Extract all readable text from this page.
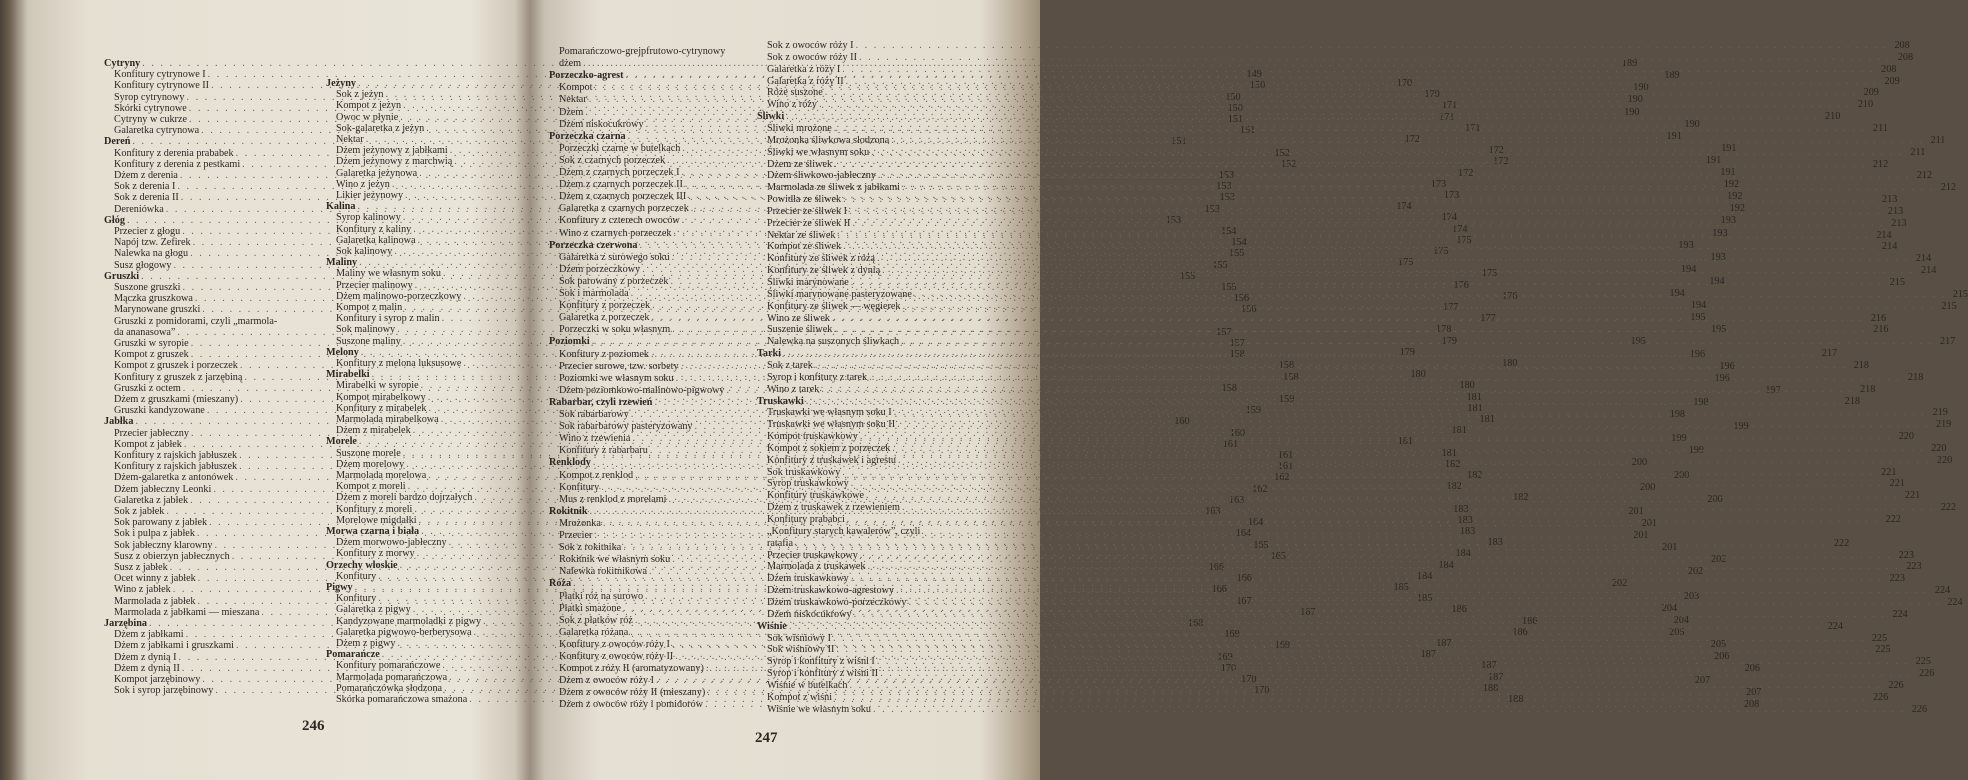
Cytryny
. . .
Konfitury cytrynowe I . . .	149
Konfitury cytrynowe II . . .	150
Syrop cytrynowy . . .	150
Skórki cytrynowe . . .	150
Cytryny w cukrze . . .	151
Galaretka cytrynowa . . .	151
Dereń . . .	151
Konfitury z derenia prababek . . .	152
Konfitury z derenia z pestkami . . .	152
Dżem z derenia . . .	153
Sok z derenia I . . .	153
Sok z derenia II . . .	153
Dereniówka . . .	153
Głóg . . .	153
Przecier z głogu . . .	154
Napój tzw. Zefirek . . .	154
Nalewka na głogu . . .	155
Susz głogowy . . .	155
Gruszki . . .	155
Suszone gruszki . . .	155
Mączka gruszkowa . . .	156
Marynowane gruszki . . .	156
Gruszki z pomidorami, czyli „marmola-
da ananasowa” . . .	157
Gruszki w syropie . . .	157
Kompot z gruszek . . .	158
Kompot z gruszek i porzeczek . . .	158
Konfitury z gruszek z jarzębiną . . .	158
Gruszki z octem . . .	158
Dżem z gruszkami (mieszany) . . .	159
Gruszki kandyzowane . . .	159
Jabłka . . .	160
Przecier jabłeczny . . .	160
Kompot z jabłek . . .	161
Konfitury z rajskich jabłuszek . . .	161
Konfitury z rajskich jabłuszek . . .	161
Dżem-galaretka z antonówek . . .	162
Dżem jabłeczny Leonki . . .	162
Galaretka z jabłek . . .	163
Sok z jabłek . . .	163
Sok parowany z jabłek . . .	164
Sok i pulpa z jabłek . . .	164
Sok jabłeczny klarowny . . .	165
Susz z obierzyn jabłecznych . . .	165
Susz z jabłek . . .	166
Ocet winny z jabłek . . .	166
Wino z jabłek . . .	166
Marmolada z jabłek . . .	167
Marmolada z jabłkami — mieszana . . .	167
Jarzębina . . .	168
Dżem z jabłkami . . .	169
Dżem z jabłkami i gruszkami . . .	169
Dżem z dynią I . . .	169
Dżem z dynią II . . .	170
Kompot jarzębinowy . . .	170
Sok i syrop jarzębinowy . . .	170
Jeżyny . . .	170
Sok z jeżyn . . .	170
Kompot z jeżyn . . .	171
Owoc w płynie . . .	171
Sok-galaretka z jeżyn . . .	171
Nektar . . .	172
Dżem jeżynowy z jabłkami . . .	172
Dżem jeżynowy z marchwią . . .	172
Galaretka jeżynowa . . .	172
Wino z jeżyn . . .	173
Likier jeżynowy . . .	173
Kalina . . .	174
Syrop kalinowy . . .	174
Konfitury z kaliny . . .	174
Galaretka kalinowa . . .	175
Sok kalinowy . . .	175
Maliny . . .	175
Maliny we własnym soku . . .	175
Przecier malinowy . . .	176
Dżem malinowo-porzeczkowy . . .	176
Kompot z malin . . .	177
Konfitury i syrop z malin . . .	177
Sok malinowy . . .	178
Suszone maliny . . .	179
Melony . . .	179
Konfitury z melona luksusowe . . .	180
Mirabelki . . .	180
Mirabelki w syropie . . .	180
Kompot mirabelkowy . . .	181
Konfitury z mirabelek . . .	181
Marmolada mirabelkowa . . .	181
Dżem z mirabelek . . .	181
Morele . . .	181
Suszone morele . . .	181
Dżem morelowy . . .	182
Marmolada morelowa . . .	182
Kompot z moreli . . .	182
Dżem z moreli bardzo dojrzałych . . .	182
Konfitury z moreli . . .	183
Morelowe migdałki . . .	183
Morwa czarna i biała . . .	183
Dżem morwowo-jabłeczny . . .	183
Konfitury z morwy . . .	184
Orzechy włoskie . . .	184
Konfitury . . .	184
Pigwy . . .	185
Konfitury . . .	185
Galaretka z pigwy . . .	186
Kandyzowane marmoladki z pigwy . . .	186
Galaretka pigwowo-berberysowa . . .	186
Dżem z pigwy . . .	187
Pomarańcze . . .	187
Konfitury pomarańczowe . . .	187
Marmolada pomarańczowa . . .	187
Pomarańczówka słodzona . . .	188
Skórka pomarańczowa smażona . . .	188
246
Pomarańczowo-grejpfrutowo-cytrynowy
dżem . . .	189
Porzeczko-agrest . . .	189
Kompot . . .	190
Nektar . . .	190
Dżem . . .	190
Dżem niskocukrowy . . .	190
Porzeczka czarna . . .	191
Porzeczki czarne w butelkach . . .	191
Sok z czarnych porzeczek . . .	191
Dżem z czarnych porzeczek I . . .	191
Dżem z czarnych porzeczek II . . .	192
Dżem z czarnych porzeczek III . . .	192
Galaretka z czarnych porzeczek . . .	192
Konfitury z czterech owoców . . .	193
Wino z czarnych porzeczek . . .	193
Porzeczka czerwona . . .	193
Galaretka z surowego soku . . .	193
Dżem porzeczkowy . . .	194
Sok parowany z porzeczek . . .	194
Sok i marmolada . . .	194
Konfitury z porzeczek . . .	194
Galaretka z porzeczek . . .	195
Porzeczki w soku własnym . . .	195
Poziomki . . .	195
Konfitury z poziomek . . .	196
Przecier surowe, tzw. sorbety . . .	196
Poziomki we własnym soku . . .	196
Dżem poziomkowo-malinowo-pigwowy . . .	197
Rabarbar, czyli rzewień . . .	198
Sok rabarbarowy . . .	198
Sok rabarbarowy pasteryzowany . . .	199
Wino z rzewienia . . .	199
Konfitury z rabarbaru . . .	199
Renklody . . .	200
Kompot z renklod . . .	200
Konfitury . . .	200
Mus z renklod z morelami . . .	200
Rokitnik . . .	201
Mrożonka . . .	201
Przecier . . .	201
Sok z rokitnika . . .	201
Rokitnik we własnym soku . . .	202
Nalewka rokitnikowa . . .	202
Róża . . .	202
Płatki róż na surowo . . .	203
Płatki smażone . . .	204
Sok z płatków róż . . .	204
Galaretka różana . . .	205
Konfitury z owoców róży I . . .	205
Konfitury z owoców róży II . . .	206
Kompot z róży II (aromatyzowany) . . .	206
Dżem z owoców róży I . . .	207
Dżem z owoców róży II (mieszany) . . .	207
Dżem z owoców róży i pomidorów . . .	208
Sok z owoców róży I . . .	208
Sok z owoców róży II . . .	208
Galaretka z róży I . . .	208
Galaretka z róży II . . .	209
Róże suszone . . .	209
Wino z róży . . .	210
Śliwki . . .	210
Śliwki mrożone . . .	211
Mrożonka śliwkowa słodzona . . .	211
Śliwki we własnym soku . . .	211
Dżem ze śliwek . . .	212
Dżem śliwkowo-jabłeczny . . .	212
Marmolada ze śliwek z jabłkami . . .	212
Powidła ze śliwek . . .	213
Przecier ze śliwek I . . .	213
Przecier ze śliwek II . . .	213
Nektar ze śliwek . . .	214
Kompot ze śliwek . . .	214
Konfitury ze śliwek z różą . . .	214
Konfitury ze śliwek z dynią . . .	214
Śliwki marynowane . . .	215
Śliwki marynowane pasteryzowane . . .	215
Konfitury ze śliwek — węgierek . . .	215
Wino ze śliwek . . .	216
Suszenie śliwek . . .	216
Nalewka na suszonych śliwkach . . .	217
Tarki . . .	217
Sok z tarek . . .	218
Syrop i konfitury z tarek . . .	218
Wino z tarek . . .	218
Truskawki . . .	218
Truskawki we własnym soku I . . .	219
Truskawki we własnym soku II . . .	219
Kompot truskawkowy . . .	220
Kompot z sokiem z porzeczek . . .	220
Konfitury z truskawek i agrestu . . .	220
Sok truskawkowy . . .	221
Syrop truskawkowy . . .	221
Konfitury truskawkowe . . .	221
Dżem z truskawek z rzewieniem . . .	222
Konfitury prababci . . .	222
„Konfitury starych kawalerów”, czyli
ratafia . . .	222
Przecier truskawkowy . . .	223
Marmolada z truskawek . . .	223
Dżem truskawkowy . . .	223
Dżem truskawkowo-agrestowy . . .	224
Dżem truskawkowo-porzeczkowy . . .	224
Dżem niskocukrowy . . .	224
Wiśnie . . .	224
Sok wiśniowy I . . .	225
Sok wiśniowy II . . .	225
Syrop i konfitury z wiśni I . . .	225
Syrop i konfitury z wiśni II . . .	226
Wiśnie w butelkach . . .	226
Kompot z wiśni . . .	226
Wiśnie we własnym soku . . .	226
247
